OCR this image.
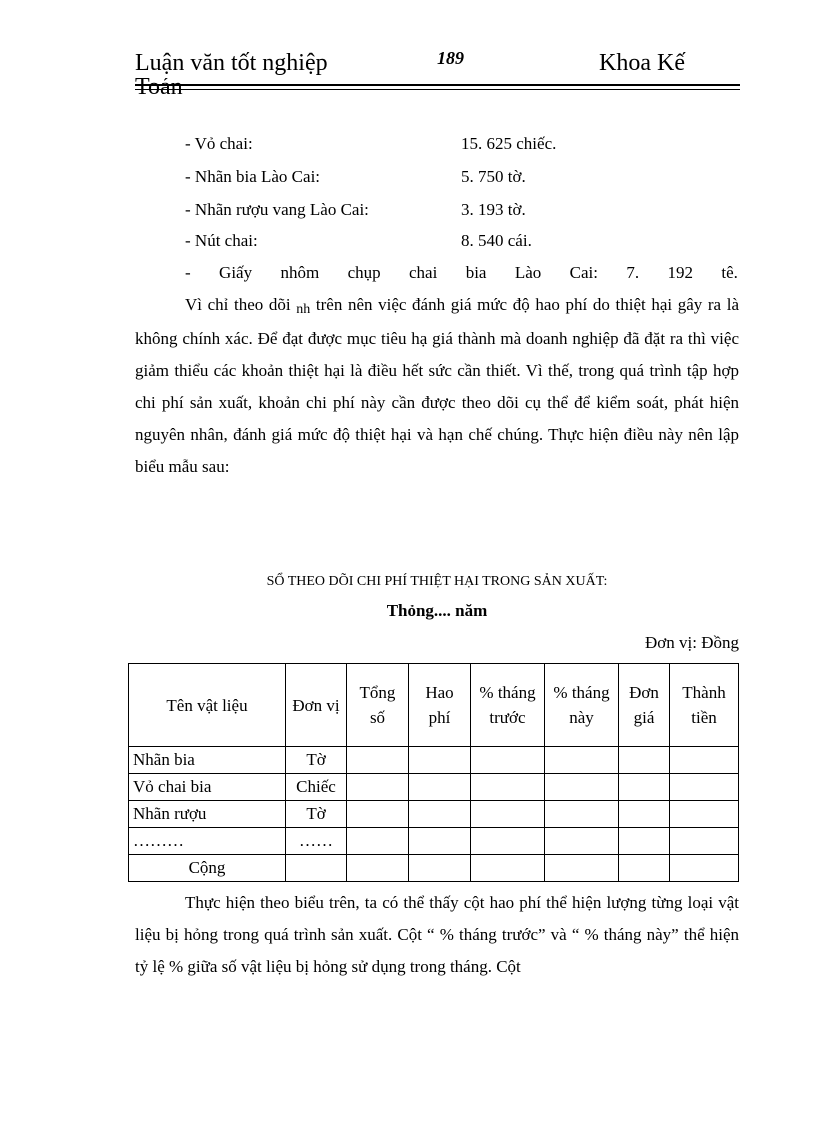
Luận văn tốt nghiệp
Toán
189	Khoa Kế
- Vỏ chai:	15. 625 chiếc.
- Nhãn bia Lào Cai:	5. 750 tờ.
- Nhãn rượu vang Lào Cai:	3. 193 tờ.
- Nút chai:	8. 540 cái.
- Giấy nhôm chụp chai bia Lào Cai: 7. 192 tê.
Vì chỉ theo dõi nh trên nên việc đánh giá mức độ hao phí do thiệt hại gây ra là không chính xác. Để đạt được mục tiêu hạ giá thành mà doanh nghiệp đã đặt ra thì việc giảm thiểu các khoản thiệt hại là điều hết sức cần thiết. Vì thế, trong quá trình tập hợp chi phí sản xuất, khoản chi phí này cần được theo dõi cụ thể để kiểm soát, phát hiện nguyên nhân, đánh giá mức độ thiệt hại và hạn chế chúng. Thực hiện điều này nên lập biểu mẫu sau:
SỔ THEO DÕI CHI PHÍ THIỆT HẠI TRONG SẢN XUẤT:
Thỏng.... năm
Đơn vị: Đồng
Tên vật liệu	Đơn vị	Tổng số	Hao phí	% tháng trước	% tháng này	Đơn giá	Thành tiền
Nhãn bia	Tờ						
Vỏ chai bia	Chiếc						
Nhãn rượu	Tờ						
………	……						
Cộng							
Thực hiện theo biểu trên, ta có thể thấy cột hao phí thể hiện lượng từng loại vật liệu bị hỏng trong quá trình sản xuất. Cột “ % tháng trước” và “ % tháng này” thể hiện tỷ lệ % giữa số vật liệu bị hỏng sử dụng trong tháng. Cột
